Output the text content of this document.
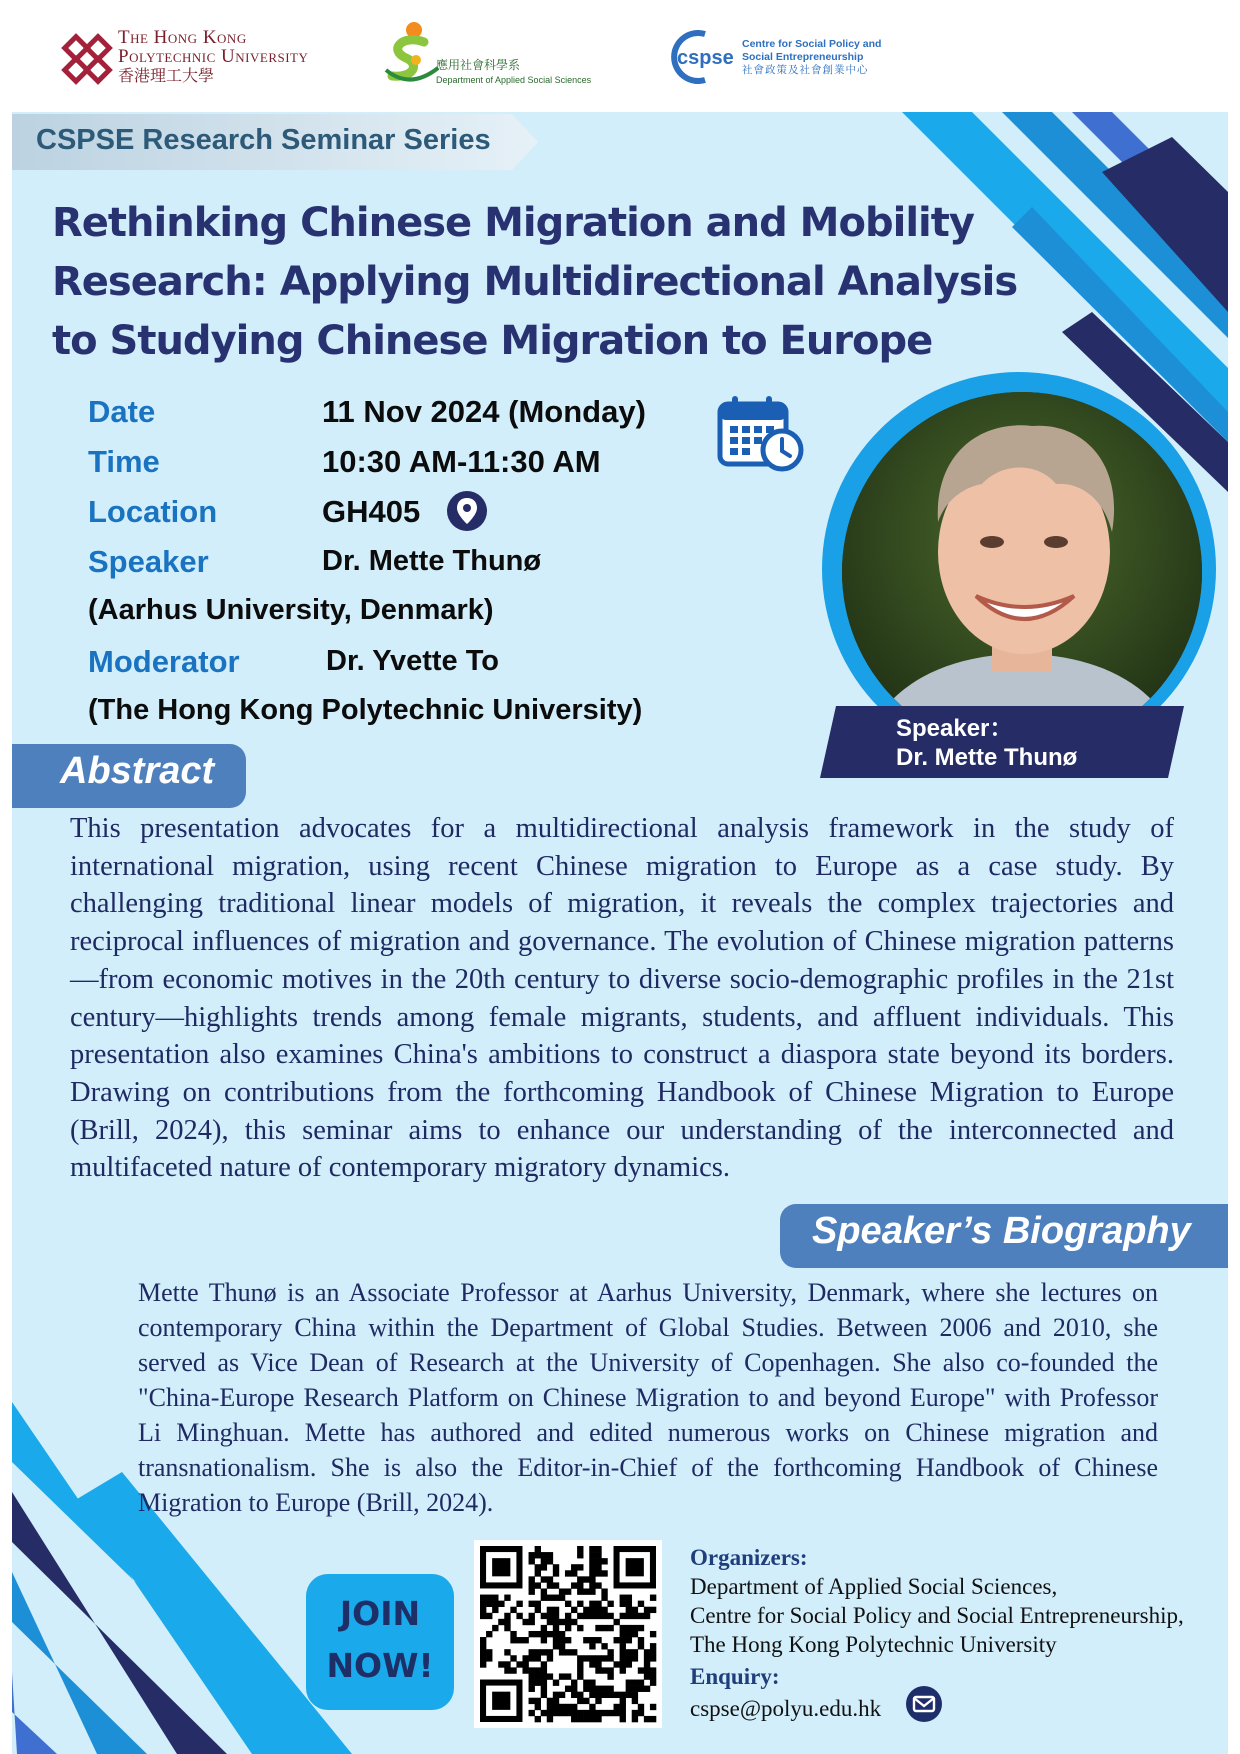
The Hong Kong
Polytechnic University
香港理工大學
應用社會科學系
Department of Applied Social Sciences
cspse
Centre for Social Policy and
Social Entrepreneurship
社會政策及社會創業中心
CSPSE Research Seminar Series
Rethinking Chinese Migration and Mobility
Research: Applying Multidirectional Analysis
to Studying Chinese Migration to Europe
Date	11 Nov 2024 (Monday)
Time	10:30 AM-11:30 AM
Location	GH405
Speaker	Dr. Mette Thunø
(Aarhus University, Denmark)
Moderator	Dr. Yvette To
(The Hong Kong Polytechnic University)
Speaker：
Dr. Mette Thunø
Abstract
This presentation advocates for a multidirectional analysis framework in the study of international migration, using recent Chinese migration to Europe as a case study. By challenging traditional linear models of migration, it reveals the complex trajectories and reciprocal influences of migration and governance. The evolution of Chinese migration patterns—from economic motives in the 20th century to diverse socio-demographic profiles in the 21st century—highlights trends among female migrants, students, and affluent individuals. This presentation also examines China's ambitions to construct a diaspora state beyond its borders. Drawing on contributions from the forthcoming Handbook of Chinese Migration to Europe (Brill, 2024), this seminar aims to enhance our understanding of the interconnected and multifaceted nature of contemporary migratory dynamics.
Speaker’s Biography
Mette Thunø is an Associate Professor at Aarhus University, Denmark, where she lectures on contemporary China within the Department of Global Studies. Between 2006 and 2010, she served as Vice Dean of Research at the University of Copenhagen. She also co-founded the "China-Europe Research Platform on Chinese Migration to and beyond Europe" with Professor Li Minghuan. Mette has authored and edited numerous works on Chinese migration and transnationalism. She is also the Editor-in-Chief of the forthcoming Handbook of Chinese Migration to Europe (Brill, 2024).
JOIN
NOW!
Organizers:
Department of Applied Social Sciences,
Centre for Social Policy and Social Entrepreneurship,
The Hong Kong Polytechnic University
Enquiry:
cspse@polyu.edu.hk
